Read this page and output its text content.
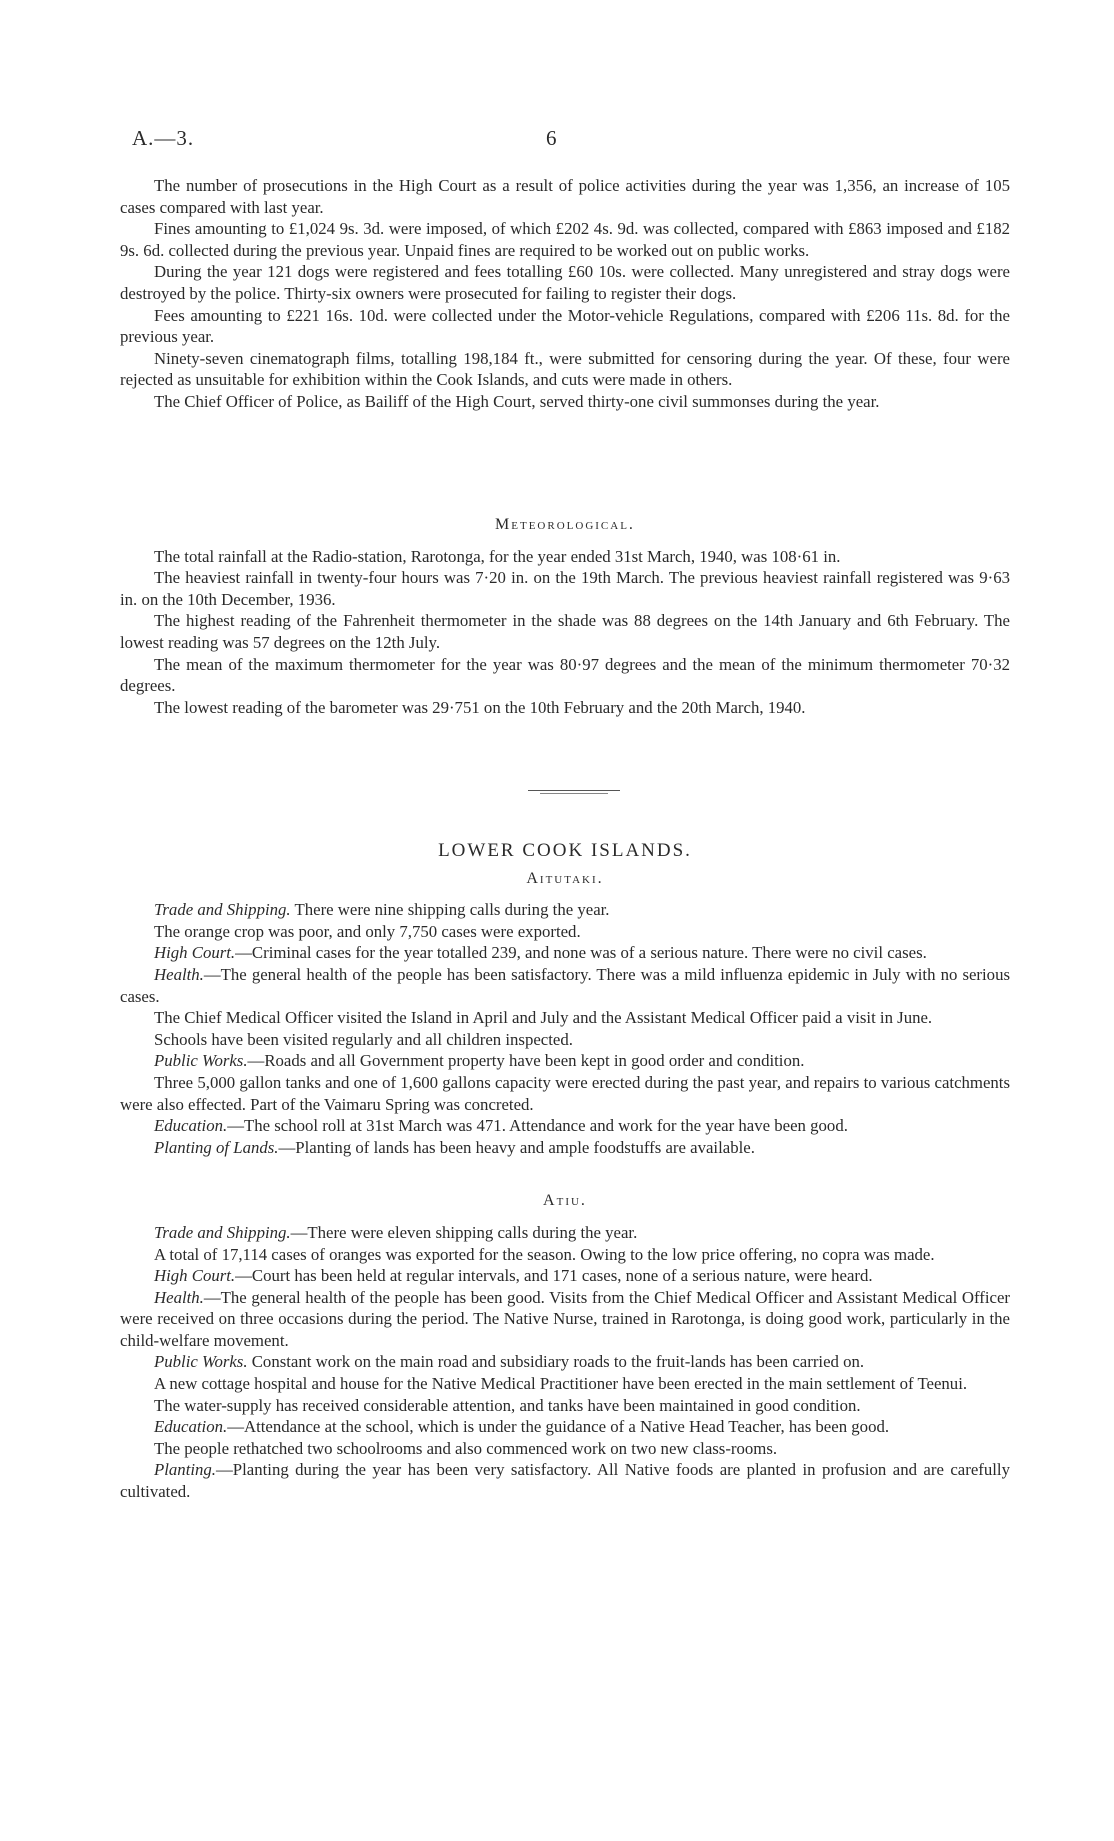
A.—3.	6

The number of prosecutions in the High Court as a result of police activities during the year was 1,356, an increase of 105 cases compared with last year.

Fines amounting to £1,024 9s. 3d. were imposed, of which £202 4s. 9d. was collected, compared with £863 imposed and £182 9s. 6d. collected during the previous year. Unpaid fines are required to be worked out on public works.

During the year 121 dogs were registered and fees totalling £60 10s. were collected. Many unregistered and stray dogs were destroyed by the police. Thirty-six owners were prosecuted for failing to register their dogs.

Fees amounting to £221 16s. 10d. were collected under the Motor-vehicle Regulations, compared with £206 11s. 8d. for the previous year.

Ninety-seven cinematograph films, totalling 198,184 ft., were submitted for censoring during the year. Of these, four were rejected as unsuitable for exhibition within the Cook Islands, and cuts were made in others.

The Chief Officer of Police, as Bailiff of the High Court, served thirty-one civil summonses during the year.

Meteorological.

The total rainfall at the Radio-station, Rarotonga, for the year ended 31st March, 1940, was 108·61 in.

The heaviest rainfall in twenty-four hours was 7·20 in. on the 19th March. The previous heaviest rainfall registered was 9·63 in. on the 10th December, 1936.

The highest reading of the Fahrenheit thermometer in the shade was 88 degrees on the 14th January and 6th February. The lowest reading was 57 degrees on the 12th July.

The mean of the maximum thermometer for the year was 80·97 degrees and the mean of the minimum thermometer 70·32 degrees.

The lowest reading of the barometer was 29·751 on the 10th February and the 20th March, 1940.

LOWER COOK ISLANDS.

Aitutaki.

Trade and Shipping. There were nine shipping calls during the year.

The orange crop was poor, and only 7,750 cases were exported.

High Court.—Criminal cases for the year totalled 239, and none was of a serious nature. There were no civil cases.

Health.—The general health of the people has been satisfactory. There was a mild influenza epidemic in July with no serious cases.

The Chief Medical Officer visited the Island in April and July and the Assistant Medical Officer paid a visit in June.

Schools have been visited regularly and all children inspected.

Public Works.—Roads and all Government property have been kept in good order and condition.

Three 5,000 gallon tanks and one of 1,600 gallons capacity were erected during the past year, and repairs to various catchments were also effected. Part of the Vaimaru Spring was concreted.

Education.—The school roll at 31st March was 471. Attendance and work for the year have been good.

Planting of Lands.—Planting of lands has been heavy and ample foodstuffs are available.

Atiu.

Trade and Shipping.—There were eleven shipping calls during the year.

A total of 17,114 cases of oranges was exported for the season. Owing to the low price offering, no copra was made.

High Court.—Court has been held at regular intervals, and 171 cases, none of a serious nature, were heard.

Health.—The general health of the people has been good. Visits from the Chief Medical Officer and Assistant Medical Officer were received on three occasions during the period. The Native Nurse, trained in Rarotonga, is doing good work, particularly in the child-welfare movement.

Public Works. Constant work on the main road and subsidiary roads to the fruit-lands has been carried on.

A new cottage hospital and house for the Native Medical Practitioner have been erected in the main settlement of Teenui.

The water-supply has received considerable attention, and tanks have been maintained in good condition.

Education.—Attendance at the school, which is under the guidance of a Native Head Teacher, has been good.

The people rethatched two schoolrooms and also commenced work on two new class-rooms.

Planting.—Planting during the year has been very satisfactory. All Native foods are planted in profusion and are carefully cultivated.
